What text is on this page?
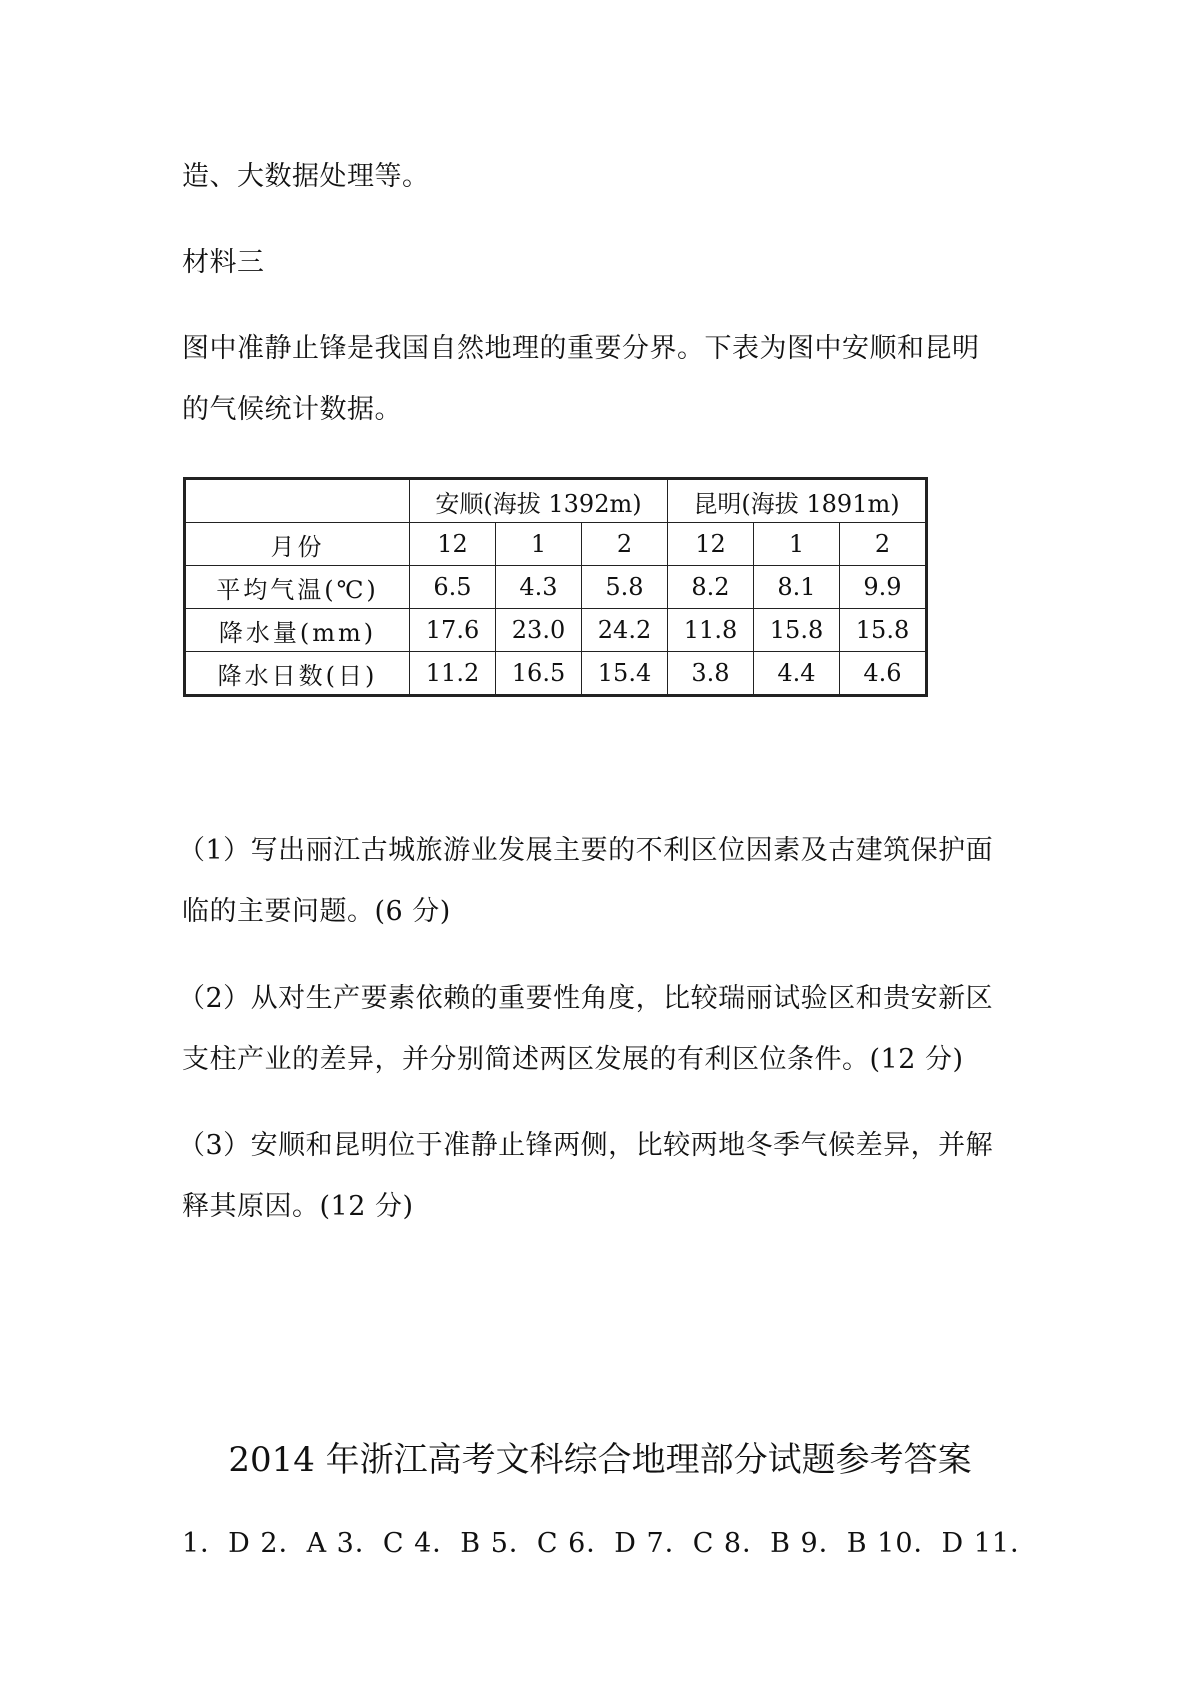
造、大数据处理等。
材料三
图中准静止锋是我国自然地理的重要分界。下表为图中安顺和昆明
的气候统计数据。
	安顺(海拔 1392m)			昆明(海拔 1891m)		
月份	12	1	2	12	1	2
平均气温(℃)	6.5	4.3	5.8	8.2	8.1	9.9
降水量(mm)	17.6	23.0	24.2	11.8	15.8	15.8
降水日数(日)	11.2	16.5	15.4	3.8	4.4	4.6
（1）写出丽江古城旅游业发展主要的不利区位因素及古建筑保护面
临的主要问题。(6 分)
（2）从对生产要素依赖的重要性角度，比较瑞丽试验区和贵安新区
支柱产业的差异，并分别简述两区发展的有利区位条件。(12 分)
（3）安顺和昆明位于准静止锋两侧，比较两地冬季气候差异，并解
释其原因。(12 分)
2014 年浙江高考文科综合地理部分试题参考答案
1．D 2．A 3．C 4．B 5．C 6．D 7．C 8．B 9．B 10．D 11．
